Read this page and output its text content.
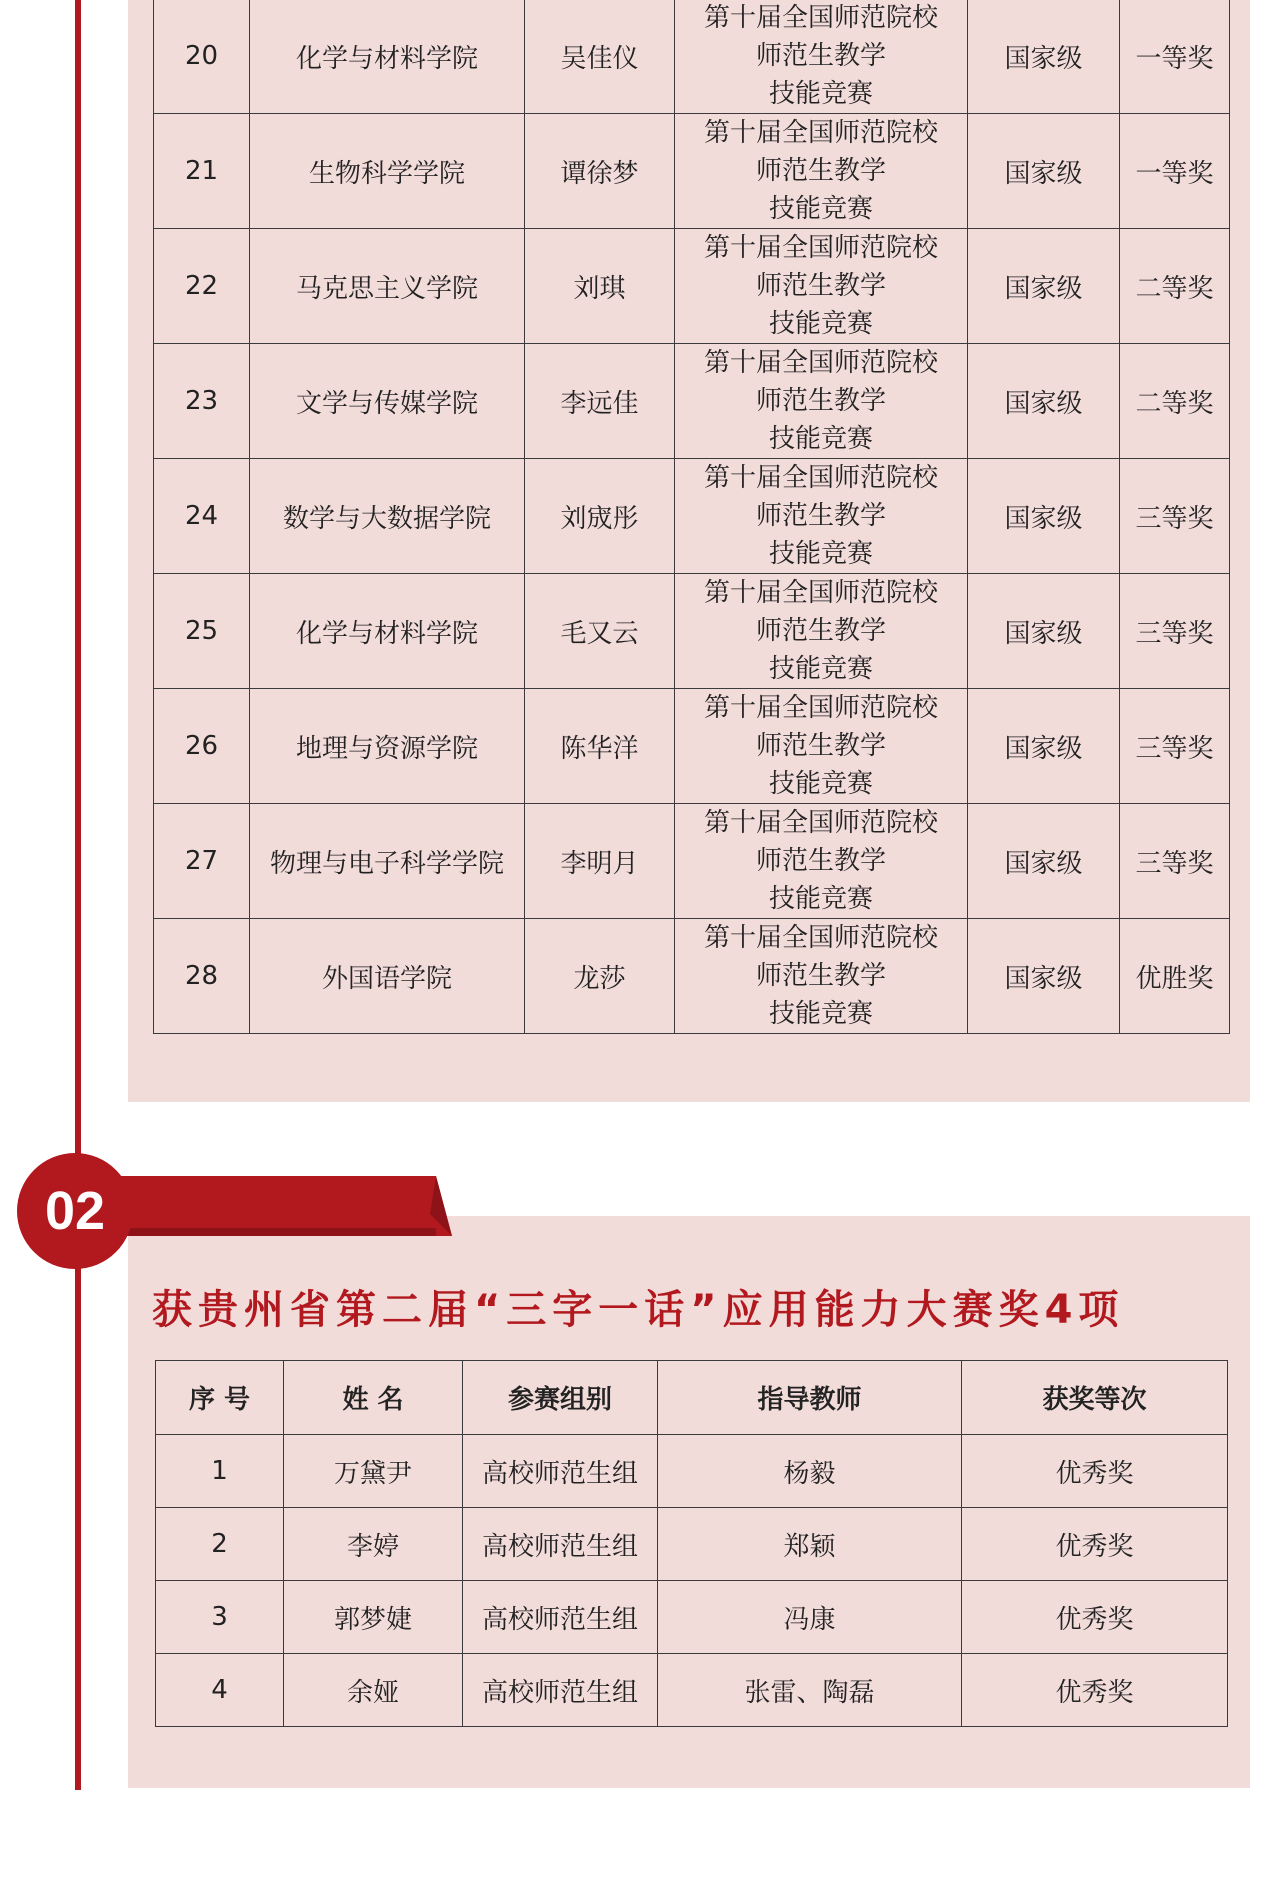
20	化学与材料学院	吴佳仪	第十届全国师范院校
师范生教学
技能竞赛	国家级	一等奖
21	生物科学学院	谭徐梦	第十届全国师范院校
师范生教学
技能竞赛	国家级	一等奖
22	马克思主义学院	刘琪	第十届全国师范院校
师范生教学
技能竞赛	国家级	二等奖
23	文学与传媒学院	李远佳	第十届全国师范院校
师范生教学
技能竞赛	国家级	二等奖
24	数学与大数据学院	刘宬彤	第十届全国师范院校
师范生教学
技能竞赛	国家级	三等奖
25	化学与材料学院	毛又云	第十届全国师范院校
师范生教学
技能竞赛	国家级	三等奖
26	地理与资源学院	陈华洋	第十届全国师范院校
师范生教学
技能竞赛	国家级	三等奖
27	物理与电子科学学院	李明月	第十届全国师范院校
师范生教学
技能竞赛	国家级	三等奖
28	外国语学院	龙莎	第十届全国师范院校
师范生教学
技能竞赛	国家级	优胜奖
02
获贵州省第二届“三字一话”应用能力大赛奖4项
序 号	姓 名	参赛组别	指导教师	获奖等次
1	万黛尹	高校师范生组	杨毅	优秀奖
2	李婷	高校师范生组	郑颖	优秀奖
3	郭梦婕	高校师范生组	冯康	优秀奖
4	余娅	高校师范生组	张雷、陶磊	优秀奖
